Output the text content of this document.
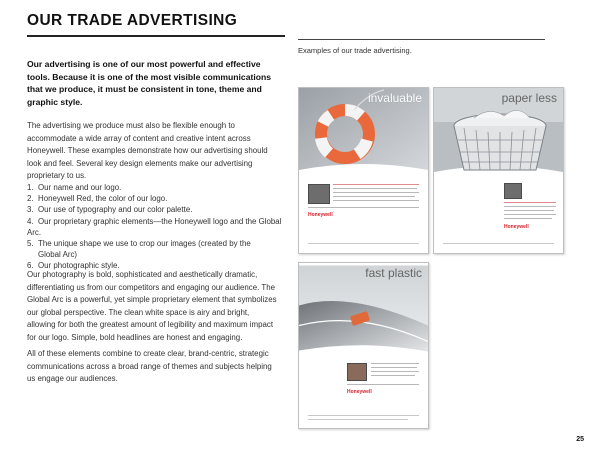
OUR TRADE ADVERTISING

Our advertising is one of our most powerful and effective tools. Because it is one of the most visible communications that we produce, it must be consistent in tone, theme and graphic style.

The advertising we produce must also be flexible enough to accommodate a wide array of content and creative intent across Honeywell. These examples demonstrate how our advertising should look and feel. Several key design elements make our advertising proprietary to us.

1. Our name and our logo.
2. Honeywell Red, the color of our logo.
3. Our use of typography and our color palette.
4. Our proprietary graphic elements—the Honeywell logo and the Global Arc.
5. The unique shape we use to crop our images (created by the
Global Arc)
6. Our photographic style.

Our photography is bold, sophisticated and aesthetically dramatic, differentiating us from our competitors and engaging our audience. The Global Arc is a powerful, yet simple proprietary element that symbolizes our global perspective. The clean white space is airy and bright, allowing for both the greatest amount of legibility and maximum impact for our logo. Simple, bold headlines are honest and engaging.

All of these elements combine to create clear, brand-centric, strategic communications across a broad range of themes and subjects helping us engage our audiences.

Examples of our trade advertising.
invaluable
Honeywell
paper less
Honeywell
fast plastic
Honeywell
25
